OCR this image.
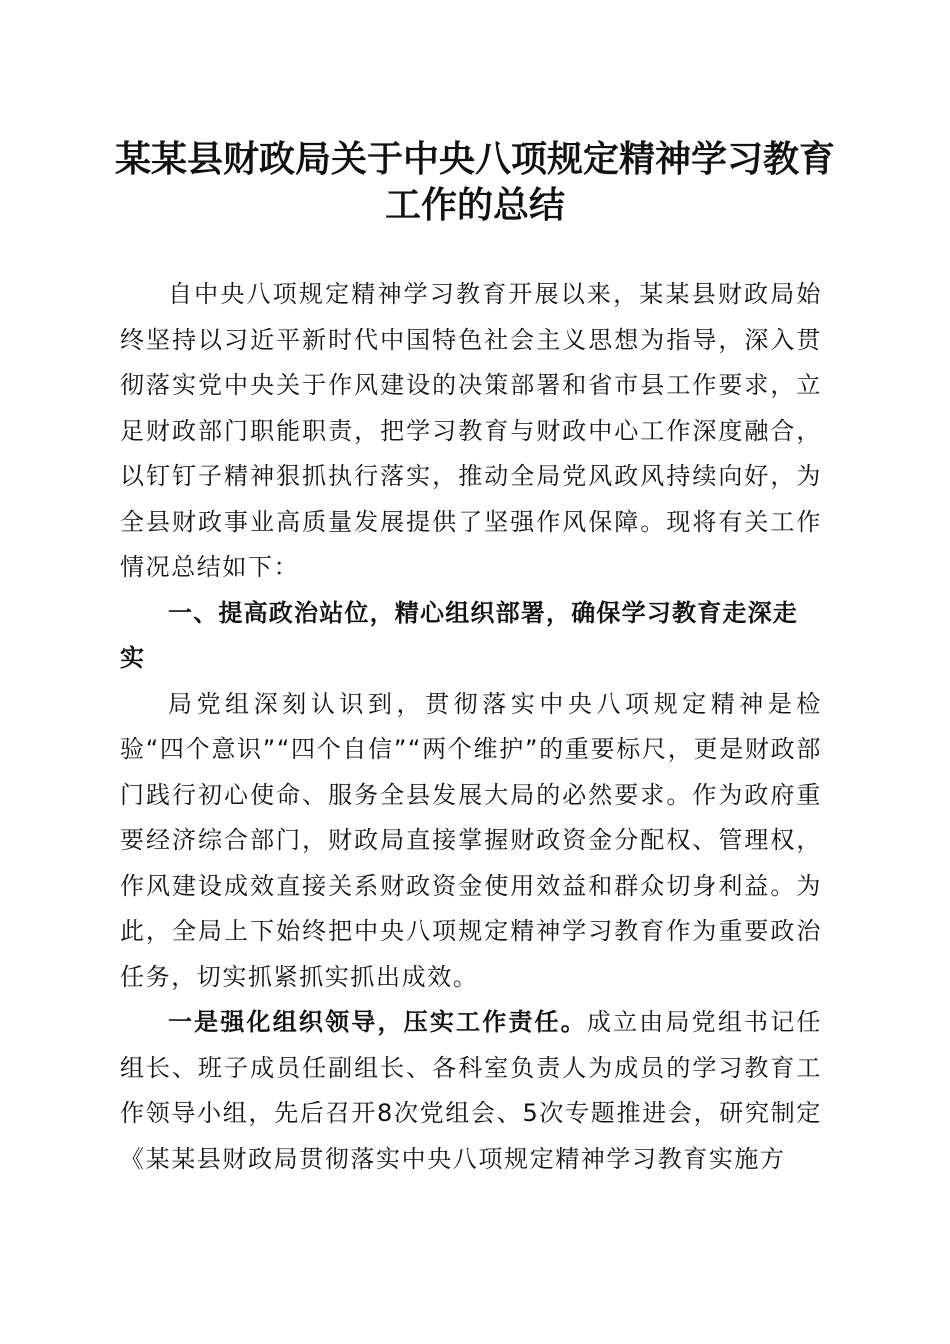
某某县财政局关于中央八项规定精神学习教育
工作的总结

自中央八项规定精神学习教育开展以来，某某县财政局始终坚持以习近平新时代中国特色社会主义思想为指导，深入贯彻落实党中央关于作风建设的决策部署和省市县工作要求，立足财政部门职能职责，把学习教育与财政中心工作深度融合，以钉钉子精神狠抓执行落实，推动全局党风政风持续向好，为全县财政事业高质量发展提供了坚强作风保障。现将有关工作情况总结如下：

一、提高政治站位，精心组织部署，确保学习教育走深走实

局党组深刻认识到，贯彻落实中央八项规定精神是检验“四个意识”“四个自信”“两个维护”的重要标尺，更是财政部门践行初心使命、服务全县发展大局的必然要求。作为政府重要经济综合部门，财政局直接掌握财政资金分配权、管理权，作风建设成效直接关系财政资金使用效益和群众切身利益。为此，全局上下始终把中央八项规定精神学习教育作为重要政治任务，切实抓紧抓实抓出成效。

一是强化组织领导，压实工作责任。成立由局党组书记任组长、班子成员任副组长、各科室负责人为成员的学习教育工作领导小组，先后召开8次党组会、5次专题推进会，研究制定《某某县财政局贯彻落实中央八项规定精神学习教育实施方
